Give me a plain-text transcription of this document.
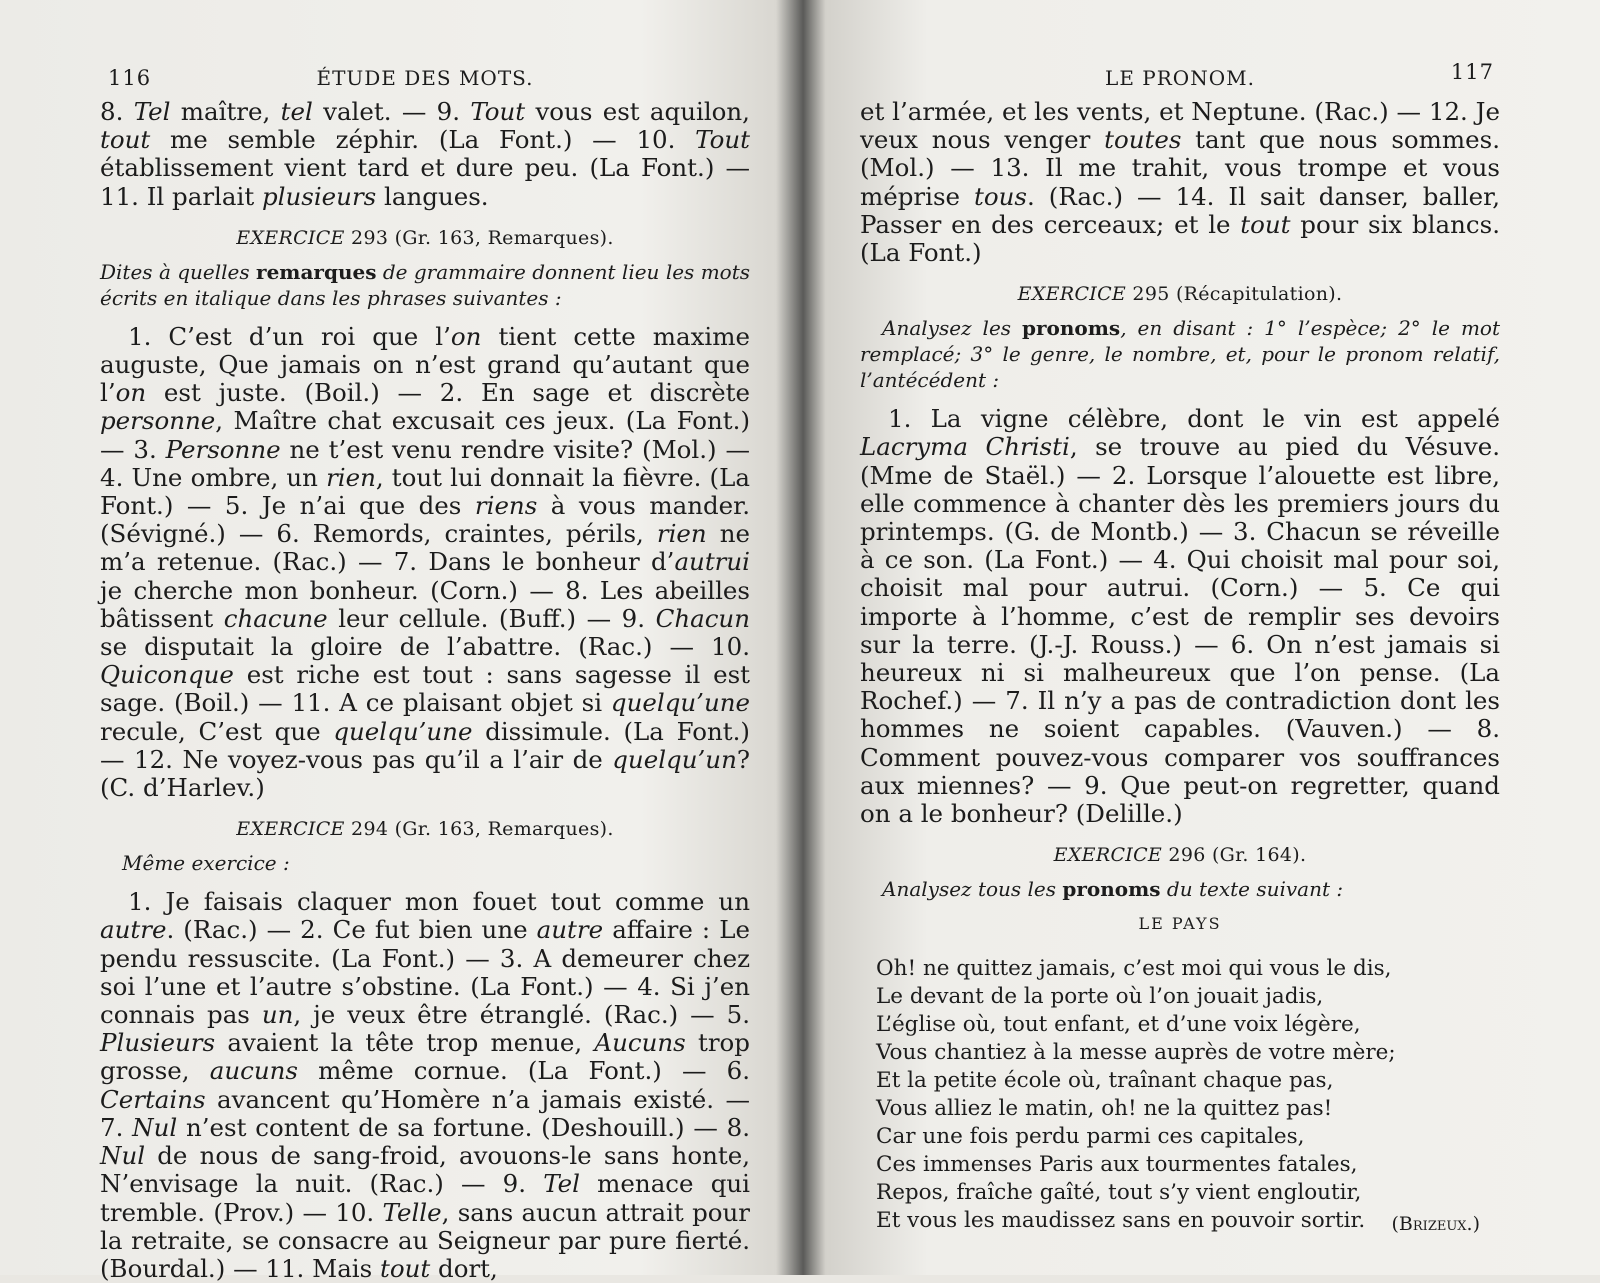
116	ÉTUDE DES MOTS.

8. Tel maître, tel valet. — 9. Tout vous est aquilon, tout me semble zéphir. (La Font.) — 10. Tout établissement vient tard et dure peu. (La Font.) — 11. Il parlait plusieurs langues.

EXERCICE 293 (Gr. 163, Remarques).

Dites à quelles remarques de grammaire donnent lieu les mots écrits en italique dans les phrases suivantes :

1. C’est d’un roi que l’on tient cette maxime auguste, Que jamais on n’est grand qu’autant que l’on est juste. (Boil.) — 2. En sage et discrète personne, Maître chat excusait ces jeux. (La Font.) — 3. Personne ne t’est venu rendre visite? (Mol.) — 4. Une ombre, un rien, tout lui donnait la fièvre. (La Font.) — 5. Je n’ai que des riens à vous mander. (Sévigné.) — 6. Remords, craintes, périls, rien ne m’a retenue. (Rac.) — 7. Dans le bonheur d’autrui je cherche mon bonheur. (Corn.) — 8. Les abeilles bâtissent chacune leur cellule. (Buff.) — 9. Chacun se disputait la gloire de l’abattre. (Rac.) — 10. Quiconque est riche est tout : sans sagesse il est sage. (Boil.) — 11. A ce plaisant objet si quelqu’une recule, C’est que quelqu’une dissimule. (La Font.) — 12. Ne voyez-vous pas qu’il a l’air de quelqu’un? (C. d’Harlev.)

EXERCICE 294 (Gr. 163, Remarques).

Même exercice :

1. Je faisais claquer mon fouet tout comme un autre. (Rac.) — 2. Ce fut bien une autre affaire : Le pendu ressuscite. (La Font.) — 3. A demeurer chez soi l’une et l’autre s’obstine. (La Font.) — 4. Si j’en connais pas un, je veux être étranglé. (Rac.) — 5. Plusieurs avaient la tête trop menue, Aucuns trop grosse, aucuns même cornue. (La Font.) — 6. Certains avancent qu’Homère n’a jamais existé. — 7. Nul n’est content de sa fortune. (Deshouill.) — 8. Nul de nous de sang-froid, avouons-le sans honte, N’envisage la nuit. (Rac.) — 9. Tel menace qui tremble. (Prov.) — 10. Telle, sans aucun attrait pour la retraite, se consacre au Seigneur par pure fierté. (Bourdal.) — 11. Mais tout dort,

LE PRONOM.	117

et l’armée, et les vents, et Neptune. (Rac.) — 12. Je veux nous venger toutes tant que nous sommes. (Mol.) — 13. Il me trahit, vous trompe et vous méprise tous. (Rac.) — 14. Il sait danser, baller, Passer en des cerceaux; et le tout pour six blancs. (La Font.)

EXERCICE 295 (Récapitulation).

Analysez les pronoms, en disant : 1° l’espèce; 2° le mot remplacé; 3° le genre, le nombre, et, pour le pronom relatif, l’antécédent :

1. La vigne célèbre, dont le vin est appelé Lacryma Christi, se trouve au pied du Vésuve. (Mme de Staël.) — 2. Lorsque l’alouette est libre, elle commence à chanter dès les premiers jours du printemps. (G. de Montb.) — 3. Chacun se réveille à ce son. (La Font.) — 4. Qui choisit mal pour soi, choisit mal pour autrui. (Corn.) — 5. Ce qui importe à l’homme, c’est de remplir ses devoirs sur la terre. (J.-J. Rouss.) — 6. On n’est jamais si heureux ni si malheureux que l’on pense. (La Rochef.) — 7. Il n’y a pas de contradiction dont les hommes ne soient capables. (Vauven.) — 8. Comment pouvez-vous comparer vos souffrances aux miennes? — 9. Que peut-on regretter, quand on a le bonheur? (Delille.)

EXERCICE 296 (Gr. 164).

Analysez tous les pronoms du texte suivant :

LE PAYS
Oh! ne quittez jamais, c’est moi qui vous le dis,
Le devant de la porte où l’on jouait jadis,
L’église où, tout enfant, et d’une voix légère,
Vous chantiez à la messe auprès de votre mère;
Et la petite école où, traînant chaque pas,
Vous alliez le matin, oh! ne la quittez pas!
Car une fois perdu parmi ces capitales,
Ces immenses Paris aux tourmentes fatales,
Repos, fraîche gaîté, tout s’y vient engloutir,
Et vous les maudissez sans en pouvoir sortir.	(Brizeux.)
